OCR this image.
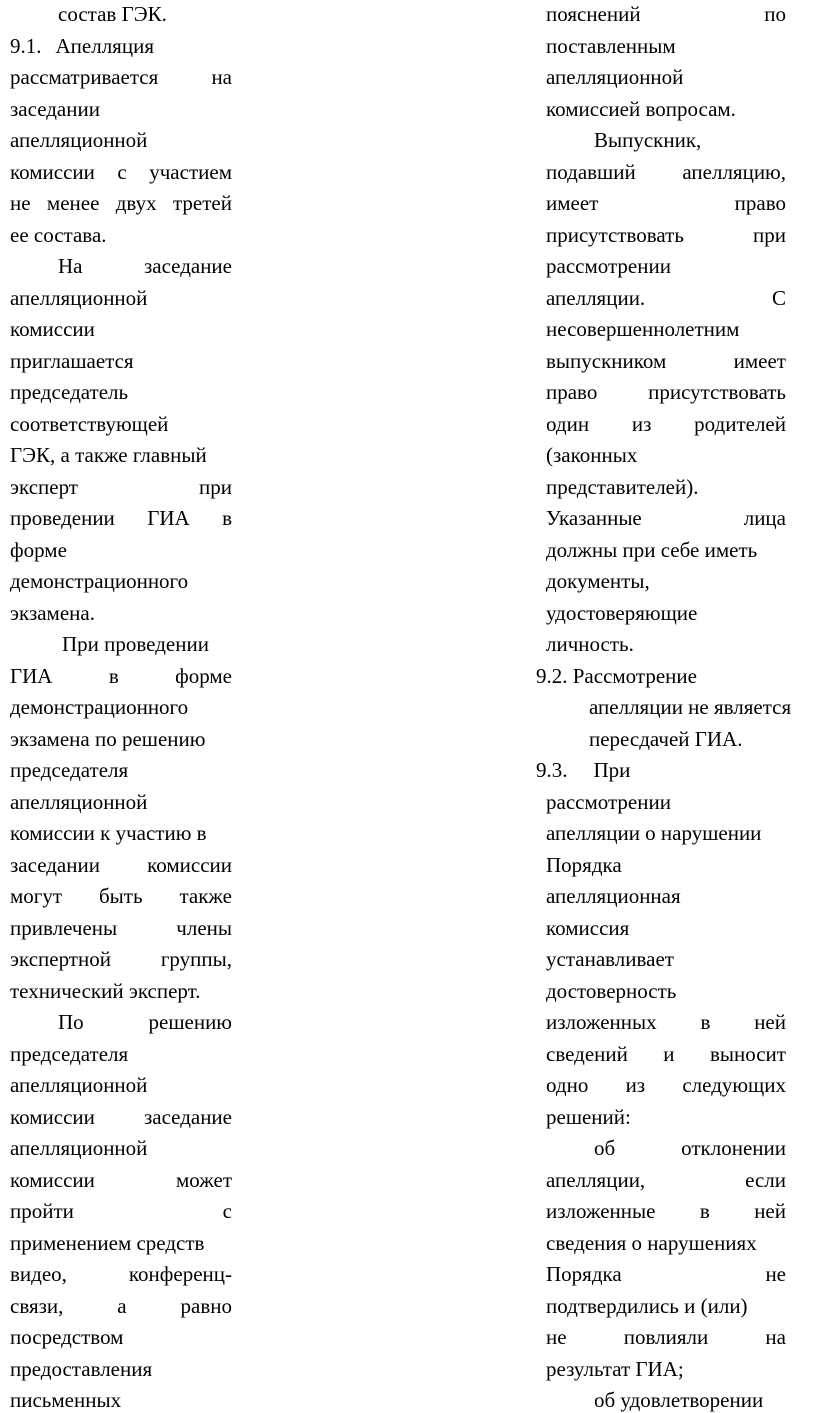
состав ГЭК.
9.1. Апелляция
рассматривается	на
заседании
апелляционной
комиссии с участием
не менее двух третей
ее состава.
На	заседание
апелляционной
комиссии
приглашается
председатель
соответствующей
ГЭК, а также главный
эксперт	при
проведении ГИА в
форме
демонстрационного
экзамена.
При проведении
ГИА	в	форме
демонстрационного
экзамена по решению
председателя
апелляционной
комиссии к участию в
заседании комиссии
могут быть также
привлечены	члены
экспертной группы,
технический эксперт.
По	решению
председателя
апелляционной
комиссии заседание
апелляционной
комиссии	может
пройти	с
применением средств
видео,	конференц-
связи,	а	равно
посредством
предоставления
письменных
пояснений	по
поставленным
апелляционной
комиссией вопросам.
Выпускник,
подавший апелляцию,
имеет	право
присутствовать	при
рассмотрении
апелляции.	С
несовершеннолетним
выпускником	имеет
право присутствовать
один из родителей
(законных
представителей).
Указанные	лица
должны при себе иметь
документы,
удостоверяющие
личность.
9.2. Рассмотрение
апелляции не является
пересдачей ГИА.
9.3. При
рассмотрении
апелляции о нарушении
Порядка
апелляционная
комиссия
устанавливает
достоверность
изложенных в ней
сведений и выносит
одно из следующих
решений:
об	отклонении
апелляции,	если
изложенные в ней
сведения о нарушениях
Порядка	не
подтвердились и (или)
не	повлияли	на
результат ГИА;
об удовлетворении
